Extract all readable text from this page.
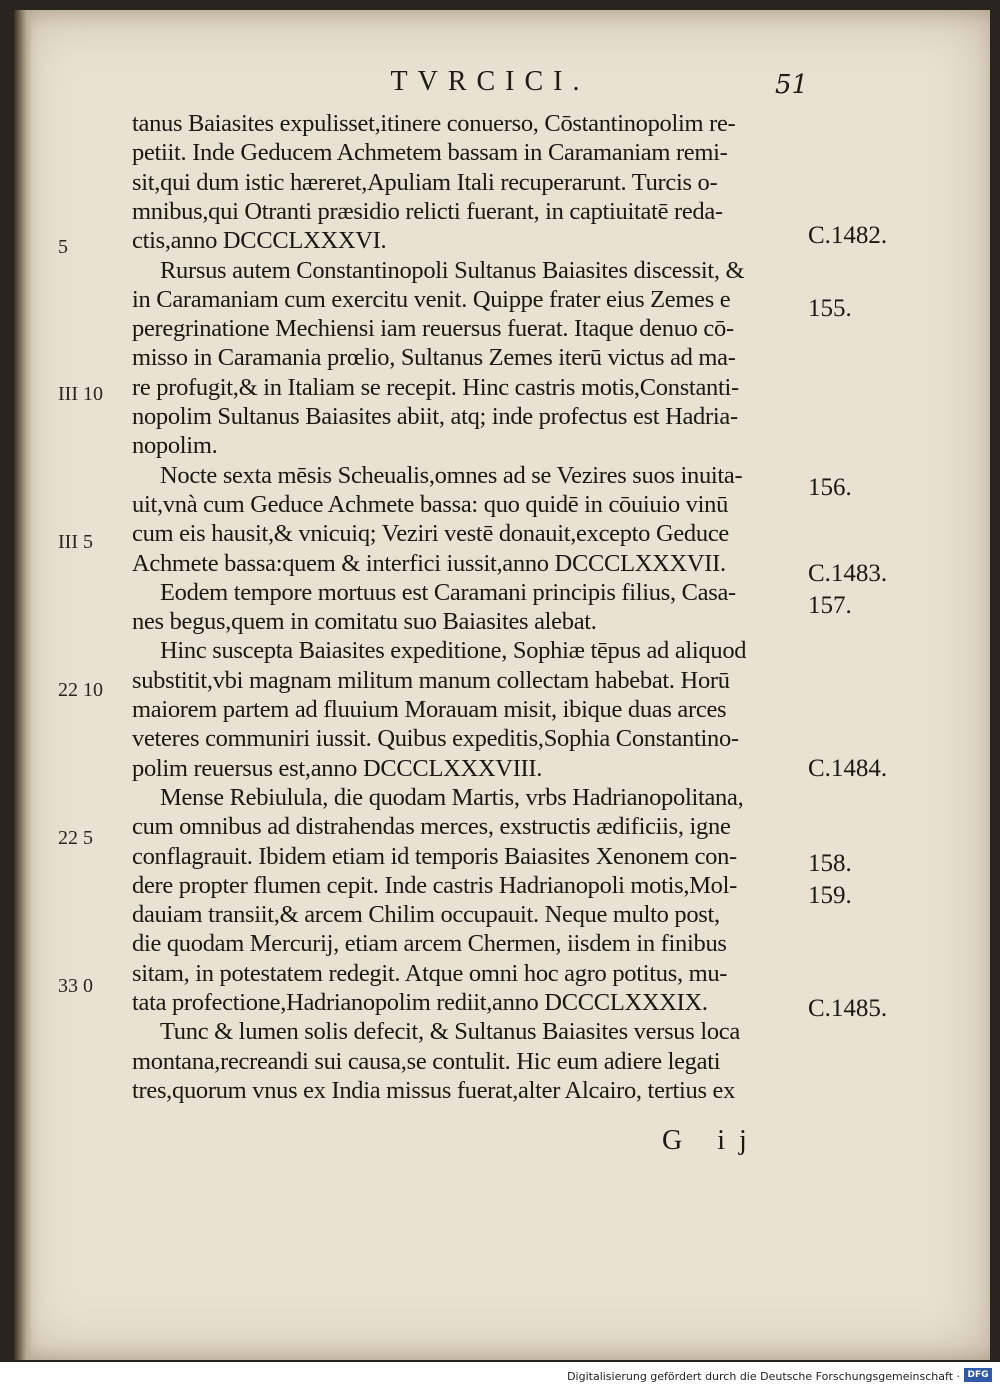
TVRCICI.	51
tanus Baiasites expulisset,itinere conuerso, Cōstantinopolim re-
petiit. Inde Geducem Achmetem bassam in Caramaniam remi-
sit,qui dum istic hæreret,Apuliam Itali recuperarunt. Turcis o-
mnibus,qui Otranti præsidio relicti fuerant, in captiuitatē reda-
ctis,anno DCCCLXXXVI.
Rursus autem Constantinopoli Sultanus Baiasites discessit, &
in Caramaniam cum exercitu venit. Quippe frater eius Zemes e
peregrinatione Mechiensi iam reuersus fuerat. Itaque denuo cō-
misso in Caramania prœlio, Sultanus Zemes iterū victus ad ma-
re profugit,& in Italiam se recepit. Hinc castris motis,Constanti-
nopolim Sultanus Baiasites abiit, atq; inde profectus est Hadria-
nopolim.
Nocte sexta mēsis Scheualis,omnes ad se Vezires suos inuita-
uit,vnà cum Geduce Achmete bassa: quo quidē in cōuiuio vinū
cum eis hausit,& vnicuiq; Veziri vestē donauit,excepto Geduce
Achmete bassa:quem & interfici iussit,anno DCCCLXXXVII.
Eodem tempore mortuus est Caramani principis filius, Casa-
nes begus,quem in comitatu suo Baiasites alebat.
Hinc suscepta Baiasites expeditione, Sophiæ tēpus ad aliquod
substitit,vbi magnam militum manum collectam habebat. Horū
maiorem partem ad fluuium Morauam misit, ibique duas arces
veteres communiri iussit. Quibus expeditis,Sophia Constantino-
polim reuersus est,anno DCCCLXXXVIII.
Mense Rebiulula, die quodam Martis, vrbs Hadrianopolitana,
cum omnibus ad distrahendas merces, exstructis ædificiis, igne
conflagrauit. Ibidem etiam id temporis Baiasites Xenonem con-
dere propter flumen cepit. Inde castris Hadrianopoli motis,Mol-
dauiam transiit,& arcem Chilim occupauit. Neque multo post,
die quodam Mercurij, etiam arcem Chermen, iisdem in finibus
sitam, in potestatem redegit. Atque omni hoc agro potitus, mu-
tata profectione,Hadrianopolim rediit,anno DCCCLXXXIX.
Tunc & lumen solis defecit, & Sultanus Baiasites versus loca
montana,recreandi sui causa,se contulit. Hic eum adiere legati
tres,quorum vnus ex India missus fuerat,alter Alcairo, tertius ex
5
III 10
III 5
22 10
22 5
33 0
C.1482.
155.
156.
C.1483.
157.
C.1484.
158.
159.
C.1485.
G ij
Digitalisierung gefördert durch die Deutsche Forschungsgemeinschaft · DFG
